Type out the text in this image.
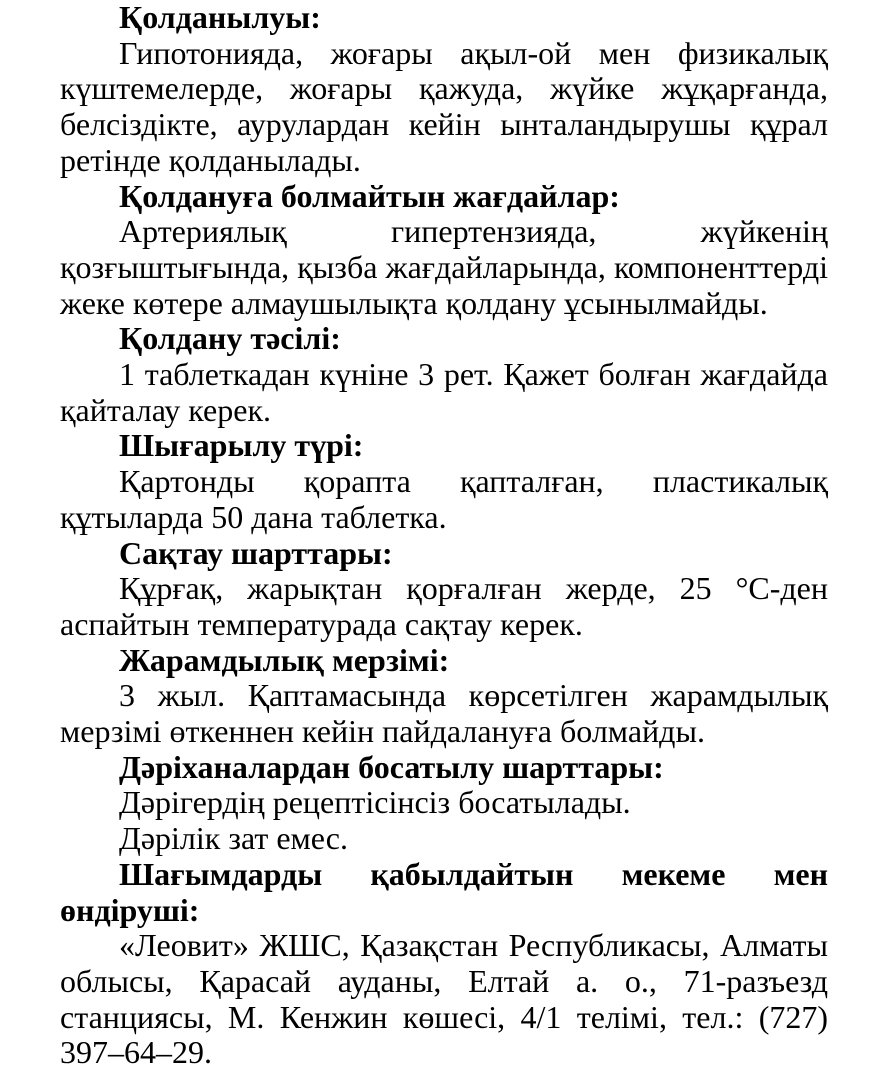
Қолданылуы:

Гипотонияда, жоғары ақыл-ой мен физикалық күштемелерде, жоғары қажуда, жүйке жұқарғанда, белсіздікте, аурулардан кейін ынталандырушы құрал ретінде қолданылады.

Қолдануға болмайтын жағдайлар:

Артериялық гипертензияда, жүйкенің қозғыштығында, қызба жағдайларында, компоненттерді жеке көтере алмаушылықта қолдану ұсынылмайды.

Қолдану тәсілі:

1 таблеткадан күніне 3 рет. Қажет болған жағдайда қайталау керек.

Шығарылу түрі:

Қартонды қорапта қапталған, пластикалық құтыларда 50 дана таблетка.

Сақтау шарттары:

Құрғақ, жарықтан қорғалған жерде, 25 °С-ден аспайтын температурада сақтау керек.

Жарамдылық мерзімі:

3 жыл. Қаптамасында көрсетілген жарамдылық мерзімі өткеннен кейін пайдалануға болмайды.

Дәріханалардан босатылу шарттары:

Дәрігердің рецептісінсіз босатылады.

Дәрілік зат емес.

Шағымдарды қабылдайтын мекеме мен өндіруші:

«Леовит» ЖШС, Қазақстан Республикасы, Алматы облысы, Қарасай ауданы, Елтай а. о., 71-разъезд станциясы, М. Кенжин көшесі, 4/1 телімі, тел.: (727) 397–64–29.
